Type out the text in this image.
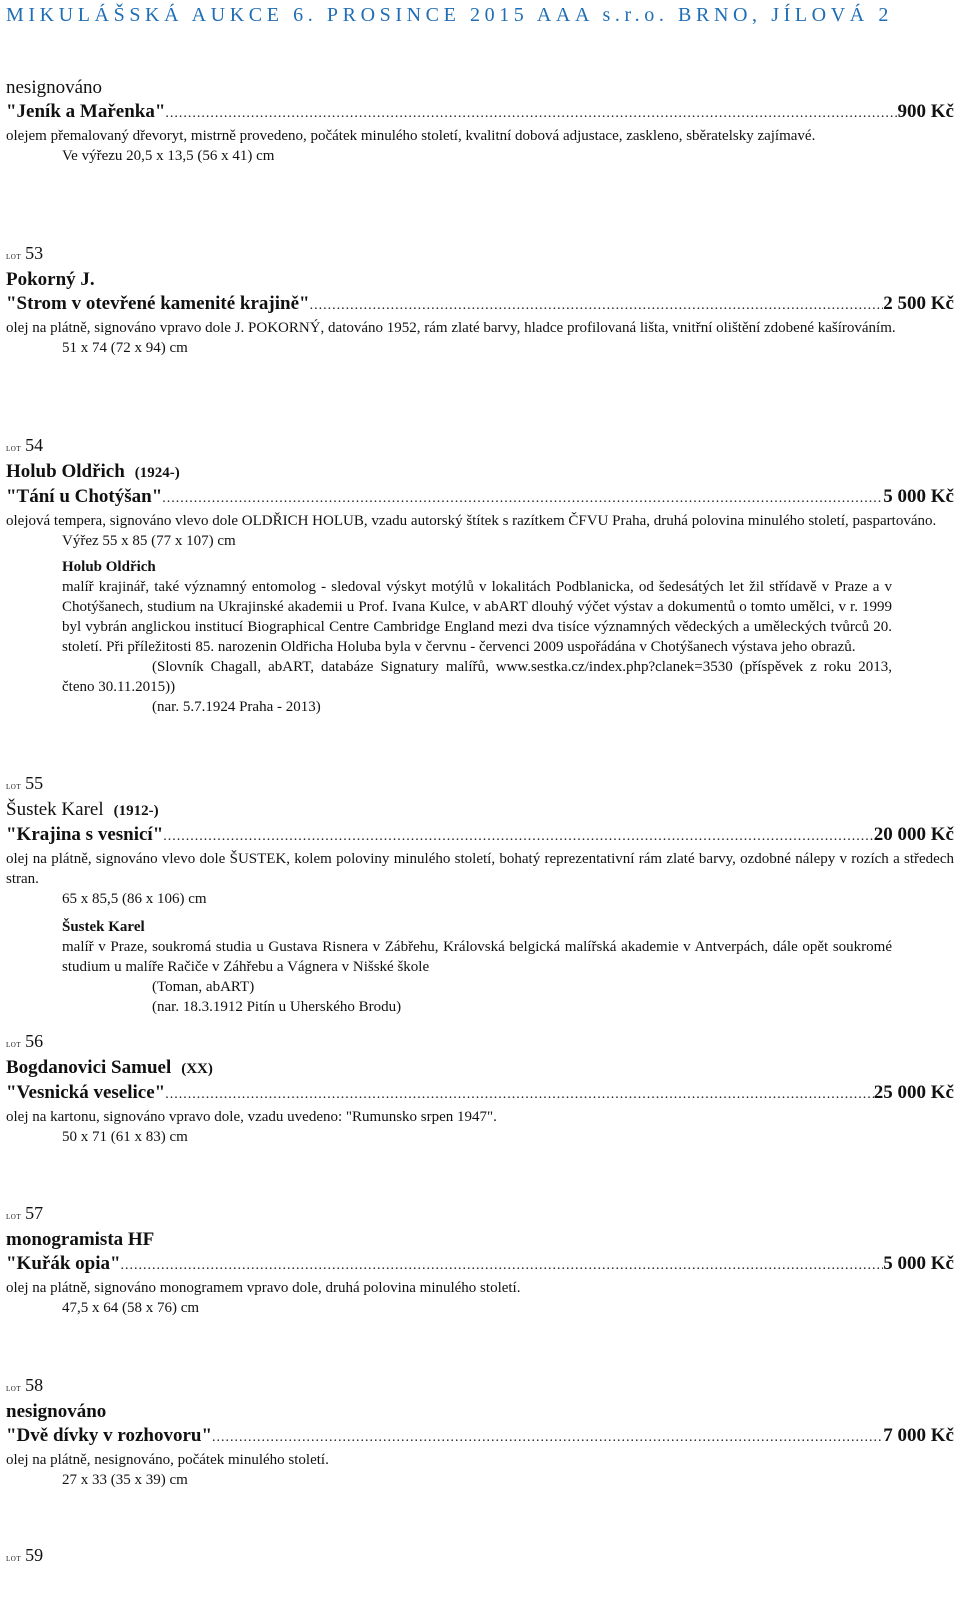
MIKULÁŠSKÁ AUKCE 6. PROSINCE 2015 AAA s.r.o. BRNO, JÍLOVÁ 2
nesignováno
"Jeník a Mařenka" .....	900 Kč
olejem přemalovaný dřevoryt, mistrně provedeno, počátek minulého století, kvalitní dobová adjustace, zaskleno, sběratelsky zajímavé.
Ve výřezu 20,5 x 13,5 (56 x 41) cm
LOT 53
Pokorný J.
"Strom v otevřené kamenité krajině" .....	2 500 Kč
olej na plátně, signováno vpravo dole J. POKORNÝ, datováno 1952, rám zlaté barvy, hladce profilovaná lišta, vnitřní olištění zdobené kašírováním.
51 x 74 (72 x 94) cm
LOT 54
Holub Oldřich (1924-)
"Tání u Chotýšan" .....	5 000 Kč
olejová tempera, signováno vlevo dole OLDŘICH HOLUB, vzadu autorský štítek s razítkem ČFVU Praha, druhá polovina minulého století, paspartováno.
Výřez 55 x 85 (77 x 107) cm
Holub Oldřich
malíř krajinář, také významný entomolog - sledoval výskyt motýlů v lokalitách Podblanicka, od šedesátých let žil střídavě v Praze a v Chotýšanech, studium na Ukrajinské akademii u Prof. Ivana Kulce, v abART dlouhý výčet výstav a dokumentů o tomto umělci, v r. 1999 byl vybrán anglickou institucí Biographical Centre Cambridge England mezi dva tisíce významných vědeckých a uměleckých tvůrců 20. století. Při příležitosti 85. narozenin Oldřicha Holuba byla v červnu - červenci 2009 uspořádána v Chotýšanech výstava jeho obrazů.
(Slovník Chagall, abART, databáze Signatury malířů, www.sestka.cz/index.php?clanek=3530 (příspěvek z roku 2013, čteno 30.11.2015))
(nar. 5.7.1924 Praha - 2013)
LOT 55
Šustek Karel (1912-)
"Krajina s vesnicí" .....	20 000 Kč
olej na plátně, signováno vlevo dole ŠUSTEK, kolem poloviny minulého století, bohatý reprezentativní rám zlaté barvy, ozdobné nálepy v rozích a středech stran.
65 x 85,5 (86 x 106) cm
Šustek Karel
malíř v Praze, soukromá studia u Gustava Risnera v Zábřehu, Královská belgická malířská akademie v Antverpách, dále opět soukromé studium u malíře Račiče v Záhřebu a Vágnera v Nišské škole
(Toman, abART)
(nar. 18.3.1912 Pitín u Uherského Brodu)
LOT 56
Bogdanovici Samuel (XX)
"Vesnická veselice" .....	25 000 Kč
olej na kartonu, signováno vpravo dole, vzadu uvedeno: "Rumunsko srpen 1947".
50 x 71 (61 x 83) cm
LOT 57
monogramista HF
"Kuřák opia" .....	5 000 Kč
olej na plátně, signováno monogramem vpravo dole, druhá polovina minulého století.
47,5 x 64 (58 x 76) cm
LOT 58
nesignováno
"Dvě dívky v rozhovoru" .....	7 000 Kč
olej na plátně, nesignováno, počátek minulého století.
27 x 33 (35 x 39) cm
LOT 59
